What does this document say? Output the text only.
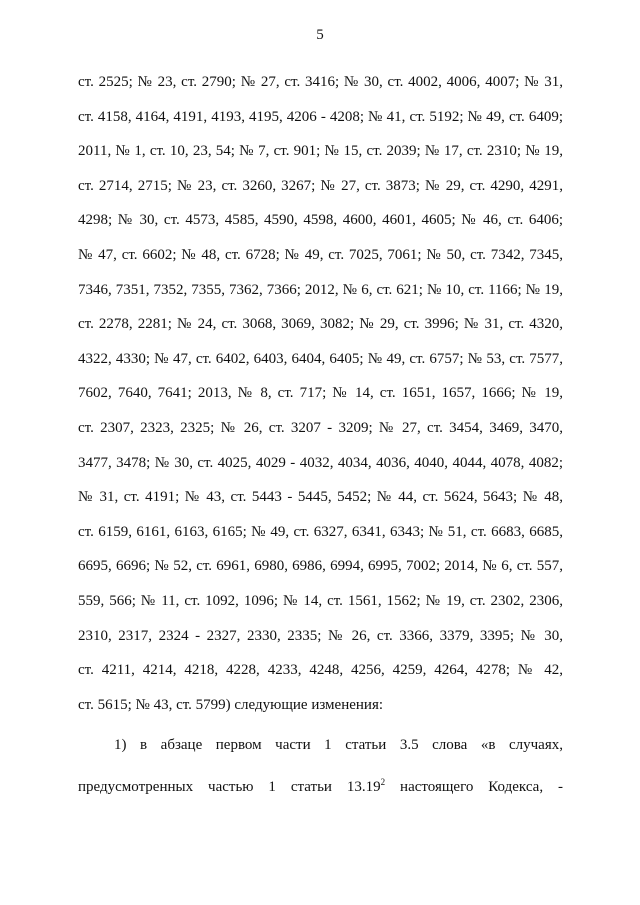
5
ст. 2525; № 23, ст. 2790; № 27, ст. 3416; № 30, ст. 4002, 4006, 4007; № 31,
ст. 4158, 4164, 4191, 4193, 4195, 4206 - 4208; № 41, ст. 5192; № 49, ст. 6409;
2011, № 1, ст. 10, 23, 54; № 7, ст. 901; № 15, ст. 2039; № 17, ст. 2310; № 19,
ст. 2714, 2715; № 23, ст. 3260, 3267; № 27, ст. 3873; № 29, ст. 4290, 4291,
4298; № 30, ст. 4573, 4585, 4590, 4598, 4600, 4601, 4605; № 46, ст. 6406;
№ 47, ст. 6602; № 48, ст. 6728; № 49, ст. 7025, 7061; № 50, ст. 7342, 7345,
7346, 7351, 7352, 7355, 7362, 7366; 2012, № 6, ст. 621; № 10, ст. 1166; № 19,
ст. 2278, 2281; № 24, ст. 3068, 3069, 3082; № 29, ст. 3996; № 31, ст. 4320,
4322, 4330; № 47, ст. 6402, 6403, 6404, 6405; № 49, ст. 6757; № 53, ст. 7577,
7602, 7640, 7641; 2013, № 8, ст. 717; № 14, ст. 1651, 1657, 1666; № 19,
ст. 2307, 2323, 2325; № 26, ст. 3207 - 3209; № 27, ст. 3454, 3469, 3470,
3477, 3478; № 30, ст. 4025, 4029 - 4032, 4034, 4036, 4040, 4044, 4078, 4082;
№ 31, ст. 4191; № 43, ст. 5443 - 5445, 5452; № 44, ст. 5624, 5643; № 48,
ст. 6159, 6161, 6163, 6165; № 49, ст. 6327, 6341, 6343; № 51, ст. 6683, 6685,
6695, 6696; № 52, ст. 6961, 6980, 6986, 6994, 6995, 7002; 2014, № 6, ст. 557,
559, 566; № 11, ст. 1092, 1096; № 14, ст. 1561, 1562; № 19, ст. 2302, 2306,
2310, 2317, 2324 - 2327, 2330, 2335; № 26, ст. 3366, 3379, 3395; № 30,
ст. 4211, 4214, 4218, 4228, 4233, 4248, 4256, 4259, 4264, 4278; № 42,
ст. 5615; № 43, ст. 5799) следующие изменения:
1) в абзаце первом части 1 статьи 3.5 слова «в случаях,
предусмотренных частью 1 статьи 13.19$^2$ настоящего Кодекса, -
